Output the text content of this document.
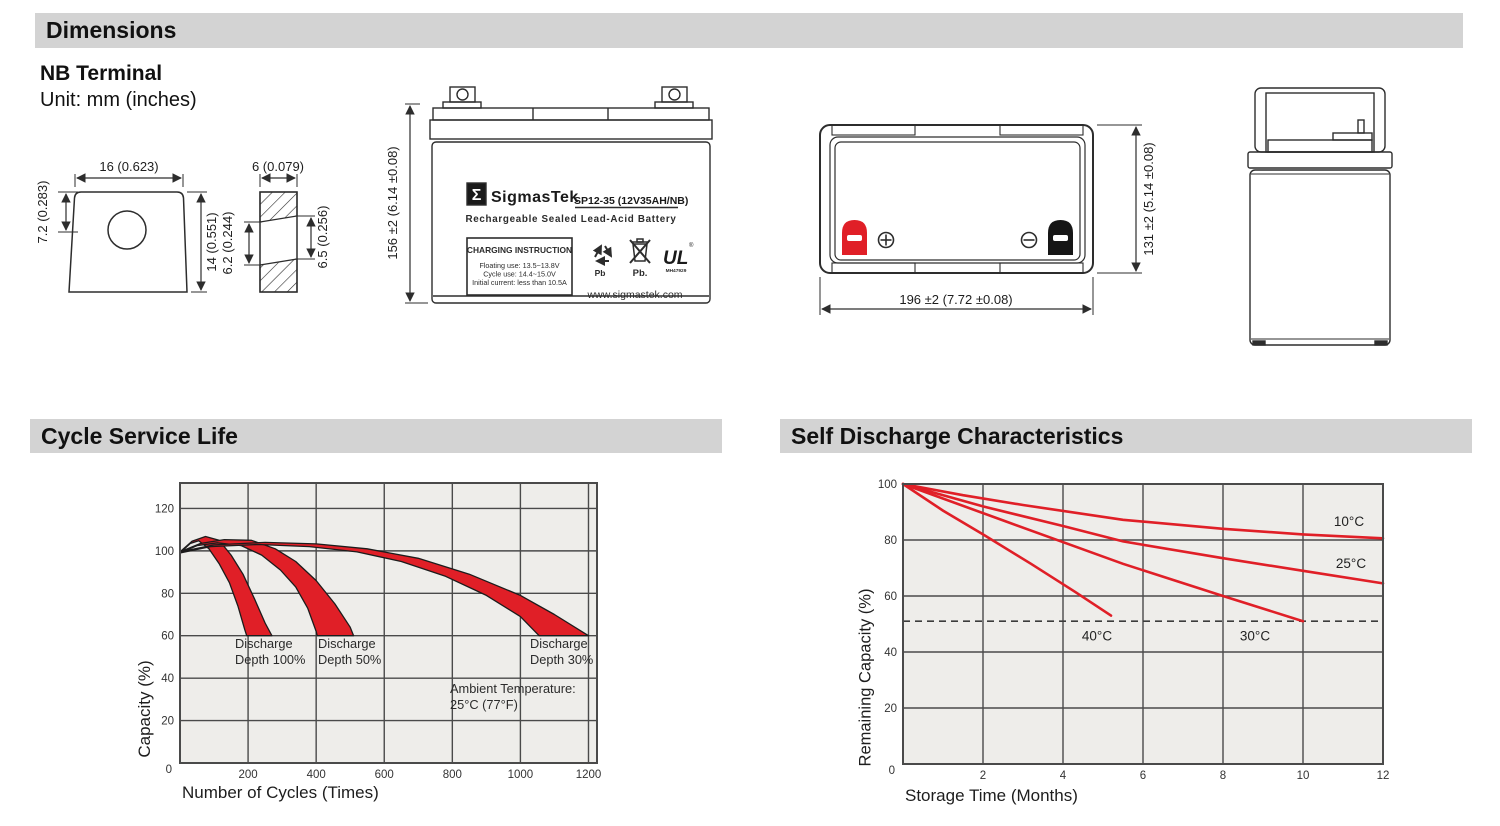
Dimensions
NB Terminal
Unit: mm (inches)
16 (0.623)
7.2 (0.283)	14 (0.551)
6 (0.079)
6.2 (0.244)	6.5 (0.256)	156 ±2 (6.14 ±0.08)	Σ SigmasTek
SP12-35 (12V35AH/NB)
Rechargeable Sealed Lead-Acid Battery
CHARGING INSTRUCTION
Floating use: 13.5~13.8V
Cycle use: 14.4~15.0V
Initial current: less than 10.5A
Pb	Pb.
UL
®
MH47929
www.sigmastek.com
131 ±2 (5.14 ±0.08)
196 ±2 (7.72 ±0.08)
Cycle Service Life	Self Discharge Characteristics
20
40
60
80
100
120
200	400	600	800	1000	1200
0
Capacity (%)
Number of Cycles (Times)
Discharge
Depth 100%
Discharge
Depth 50%
Discharge
Depth 30%
Ambient Temperature:
25°C (77°F)	20
40
60
80
100
2	4	6	8	10	12
0
10°C
25°C
30°C
40°C
Remaining Capacity (%)
Storage Time (Months)
